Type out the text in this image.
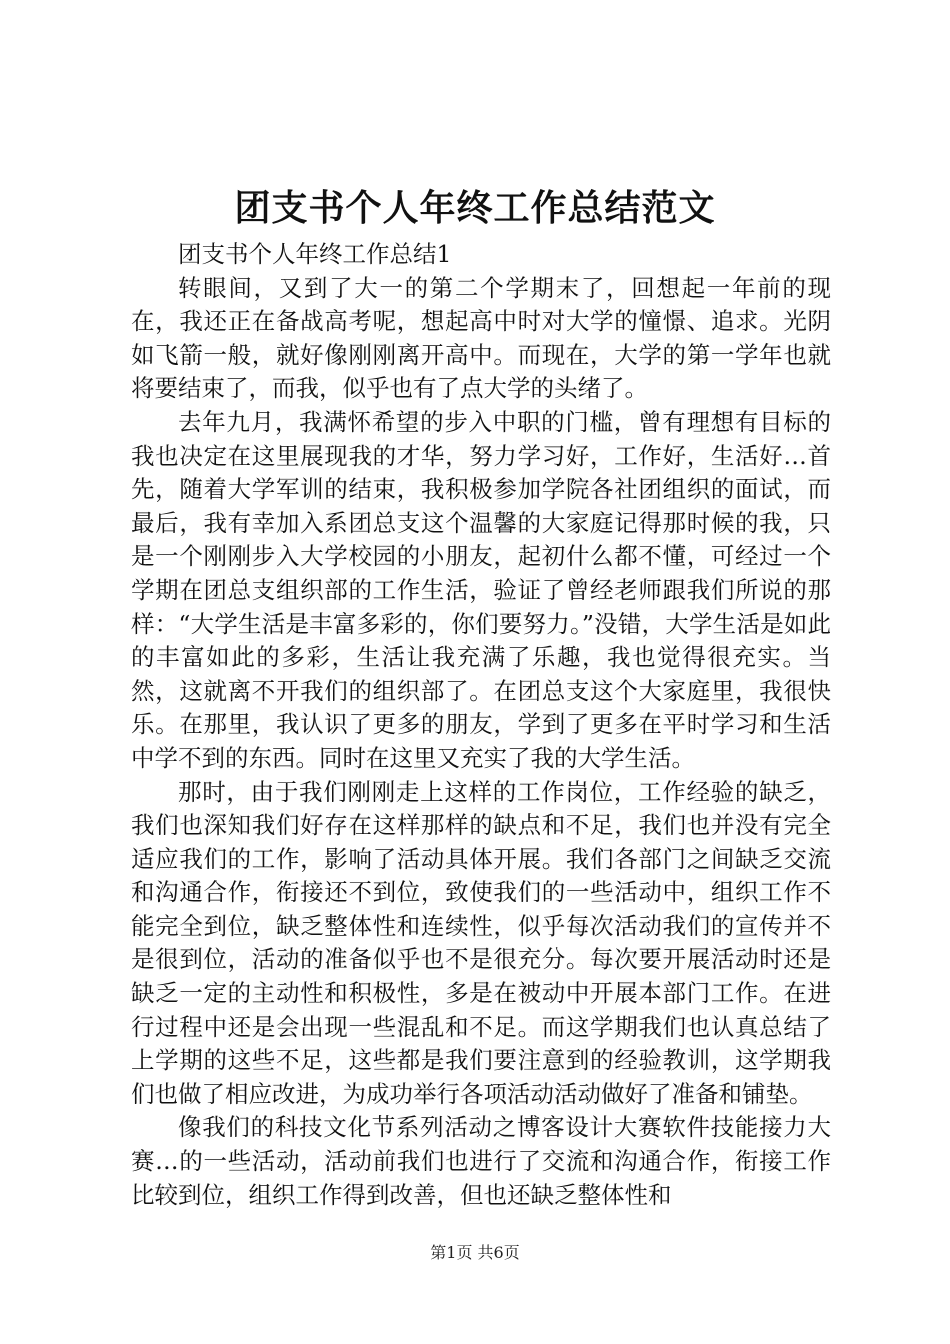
团支书个人年终工作总结范文

团支书个人年终工作总结1

转眼间，又到了大一的第二个学期末了，回想起一年前的现在，我还正在备战高考呢，想起高中时对大学的憧憬、追求。光阴如飞箭一般，就好像刚刚离开高中。而现在，大学的第一学年也就将要结束了，而我，似乎也有了点大学的头绪了。

去年九月，我满怀希望的步入中职的门槛，曾有理想有目标的我也决定在这里展现我的才华，努力学习好，工作好，生活好…首先，随着大学军训的结束，我积极参加学院各社团组织的面试，而最后，我有幸加入系团总支这个温馨的大家庭记得那时候的我，只是一个刚刚步入大学校园的小朋友，起初什么都不懂，可经过一个学期在团总支组织部的工作生活，验证了曾经老师跟我们所说的那样：“大学生活是丰富多彩的，你们要努力。”没错，大学生活是如此的丰富如此的多彩，生活让我充满了乐趣，我也觉得很充实。当然，这就离不开我们的组织部了。在团总支这个大家庭里，我很快乐。在那里，我认识了更多的朋友，学到了更多在平时学习和生活中学不到的东西。同时在这里又充实了我的大学生活。

那时，由于我们刚刚走上这样的工作岗位，工作经验的缺乏，我们也深知我们好存在这样那样的缺点和不足，我们也并没有完全适应我们的工作，影响了活动具体开展。我们各部门之间缺乏交流和沟通合作，衔接还不到位，致使我们的一些活动中，组织工作不能完全到位，缺乏整体性和连续性，似乎每次活动我们的宣传并不是很到位，活动的准备似乎也不是很充分。每次要开展活动时还是缺乏一定的主动性和积极性，多是在被动中开展本部门工作。在进行过程中还是会出现一些混乱和不足。而这学期我们也认真总结了上学期的这些不足，这些都是我们要注意到的经验教训，这学期我们也做了相应改进，为成功举行各项活动活动做好了准备和铺垫。

像我们的科技文化节系列活动之博客设计大赛软件技能接力大赛…的一些活动，活动前我们也进行了交流和沟通合作，衔接工作比较到位，组织工作得到改善，但也还缺乏整体性和

第1页 共6页
